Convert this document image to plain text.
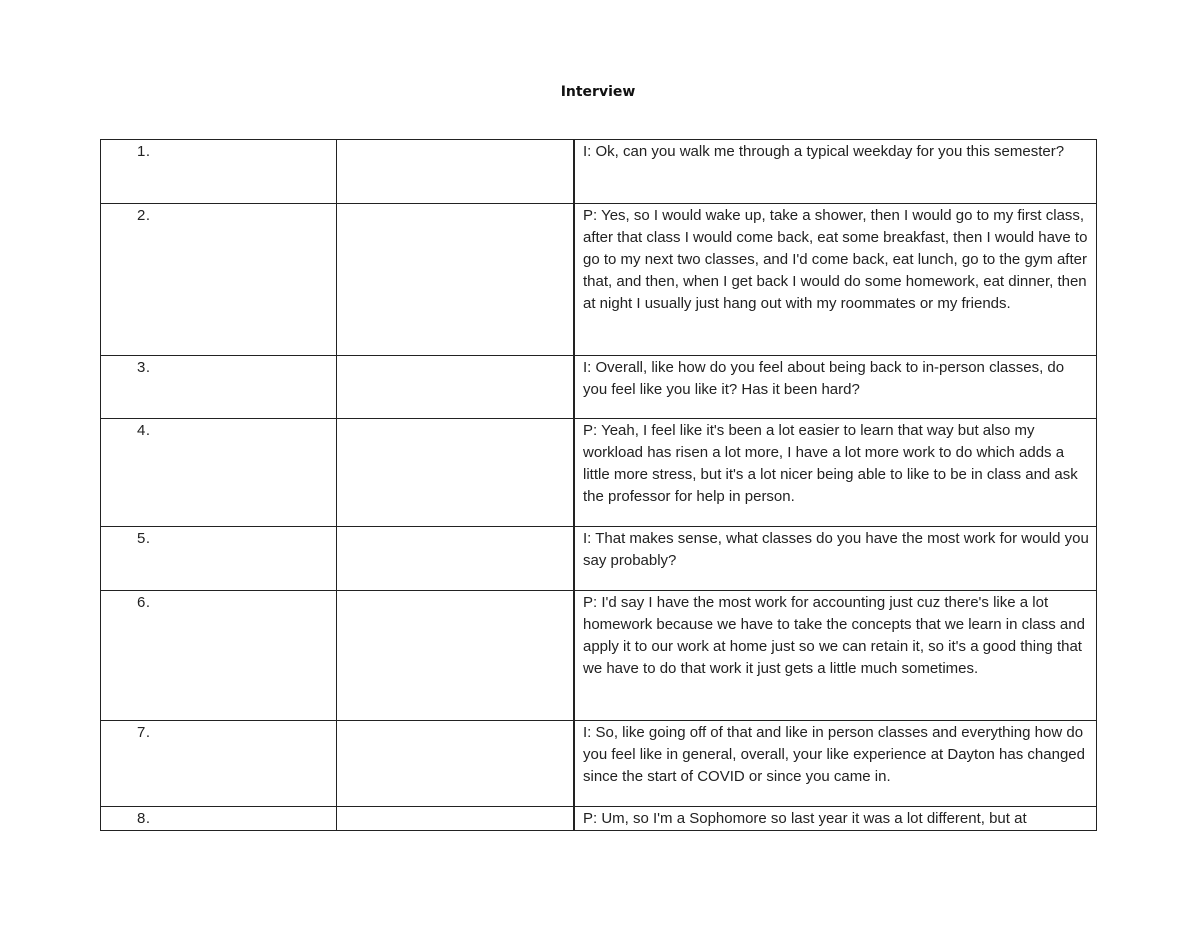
Interview
1.		I: Ok, can you walk me through a typical weekday for you this semester?

2.		P: Yes, so I would wake up, take a shower, then I would go to my first class, after that class I would come back, eat some breakfast, then I would have to go to my next two classes, and I'd come back, eat lunch, go to the gym after that, and then, when I get back I would do some homework, eat dinner, then at night I usually just hang out with my roommates or my friends.

3.		I: Overall, like how do you feel about being back to in-person classes, do you feel like you like it? Has it been hard?

4.		P: Yeah, I feel like it's been a lot easier to learn that way but also my workload has risen a lot more, I have a lot more work to do which adds a little more stress, but it's a lot nicer being able to like to be in class and ask the professor for help in person.

5.		I: That makes sense, what classes do you have the most work for would you say probably?

6.		P: I'd say I have the most work for accounting just cuz there's like a lot homework because we have to take the concepts that we learn in class and apply it to our work at home just so we can retain it, so it's a good thing that we have to do that work it just gets a little much sometimes.

7.		I: So, like going off of that and like in person classes and everything how do you feel like in general, overall, your like experience at Dayton has changed since the start of COVID or since you came in.

8.		P: Um, so I'm a Sophomore so last year it was a lot different, but at
